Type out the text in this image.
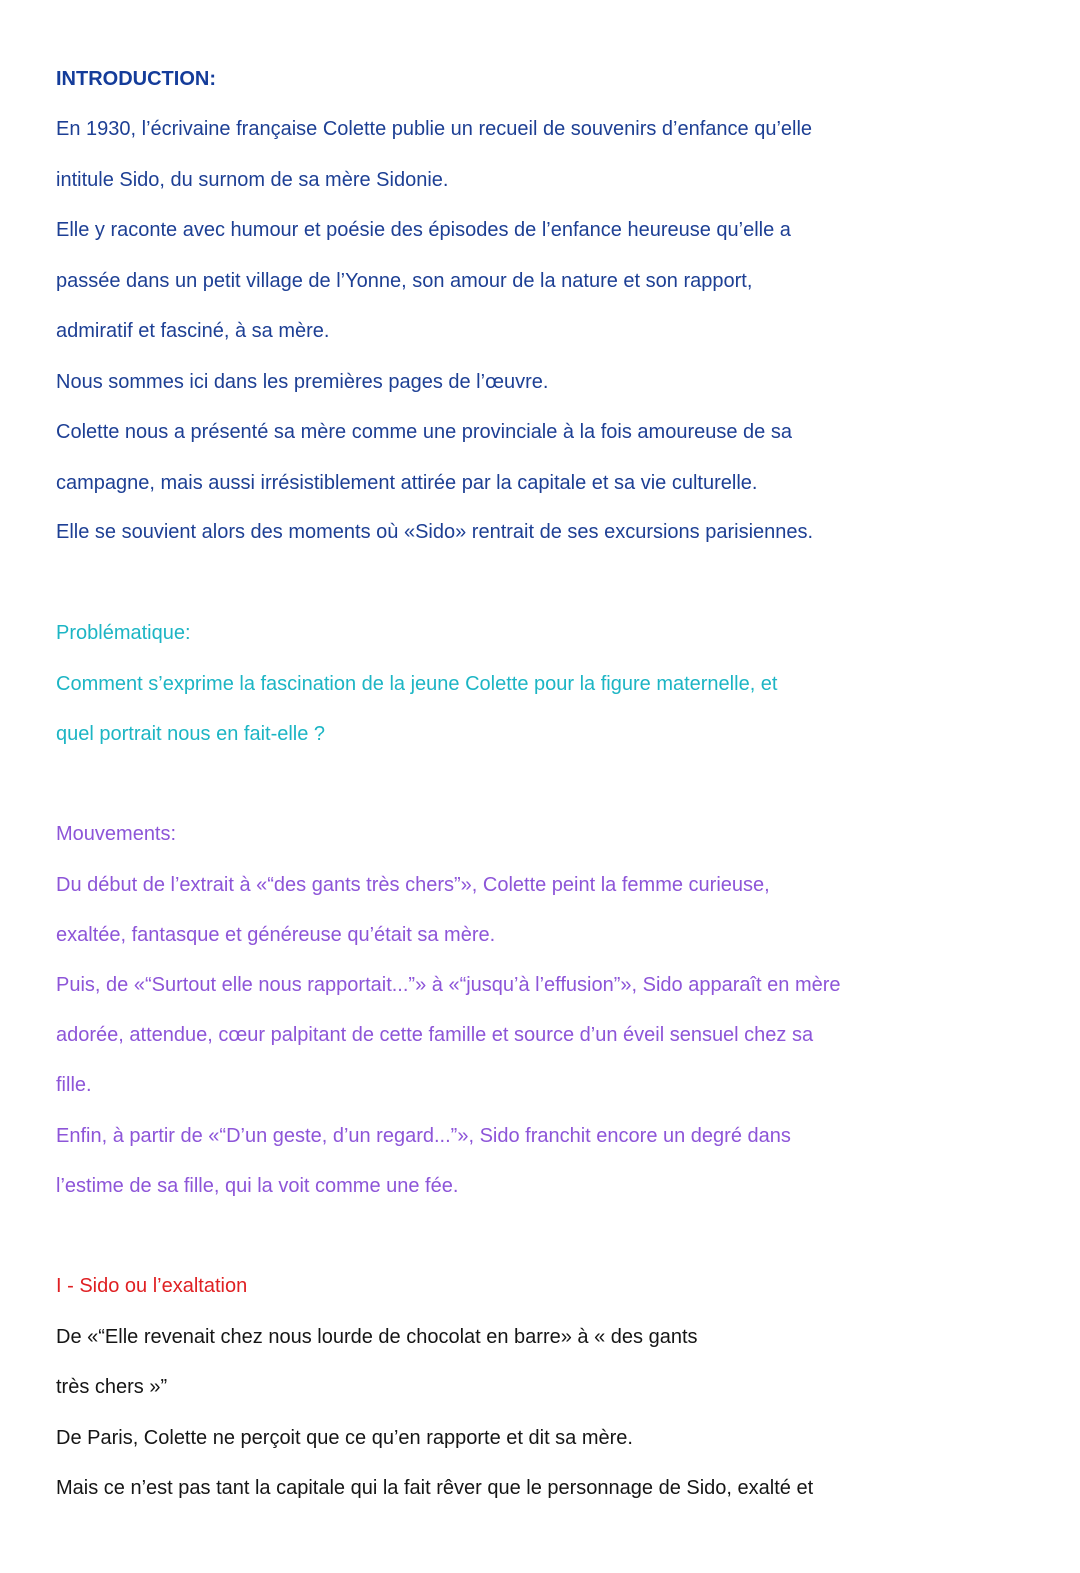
INTRODUCTION:

En 1930, l’écrivaine française Colette publie un recueil de souvenirs d’enfance qu’elle

intitule Sido, du surnom de sa mère Sidonie.

Elle y raconte avec humour et poésie des épisodes de l’enfance heureuse qu’elle a

passée dans un petit village de l’Yonne, son amour de la nature et son rapport,

admiratif et fasciné, à sa mère.

Nous sommes ici dans les premières pages de l’œuvre.

Colette nous a présenté sa mère comme une provinciale à la fois amoureuse de sa

campagne, mais aussi irrésistiblement attirée par la capitale et sa vie culturelle.

Elle se souvient alors des moments où «Sido» rentrait de ses excursions parisiennes.

Problématique:

Comment s’exprime la fascination de la jeune Colette pour la figure maternelle, et

quel portrait nous en fait-elle ?

Mouvements:

Du début de l’extrait à «“des gants très chers”», Colette peint la femme curieuse,

exaltée, fantasque et généreuse qu’était sa mère.

Puis, de «“Surtout elle nous rapportait...”» à «“jusqu’à l’effusion”», Sido apparaît en mère

adorée, attendue, cœur palpitant de cette famille et source d’un éveil sensuel chez sa

fille.

Enfin, à partir de «“D’un geste, d’un regard...”», Sido franchit encore un degré dans

l’estime de sa fille, qui la voit comme une fée.

I - Sido ou l’exaltation

De «“Elle revenait chez nous lourde de chocolat en barre» à « des gants

très chers »”

De Paris, Colette ne perçoit que ce qu’en rapporte et dit sa mère.

Mais ce n’est pas tant la capitale qui la fait rêver que le personnage de Sido, exalté et
